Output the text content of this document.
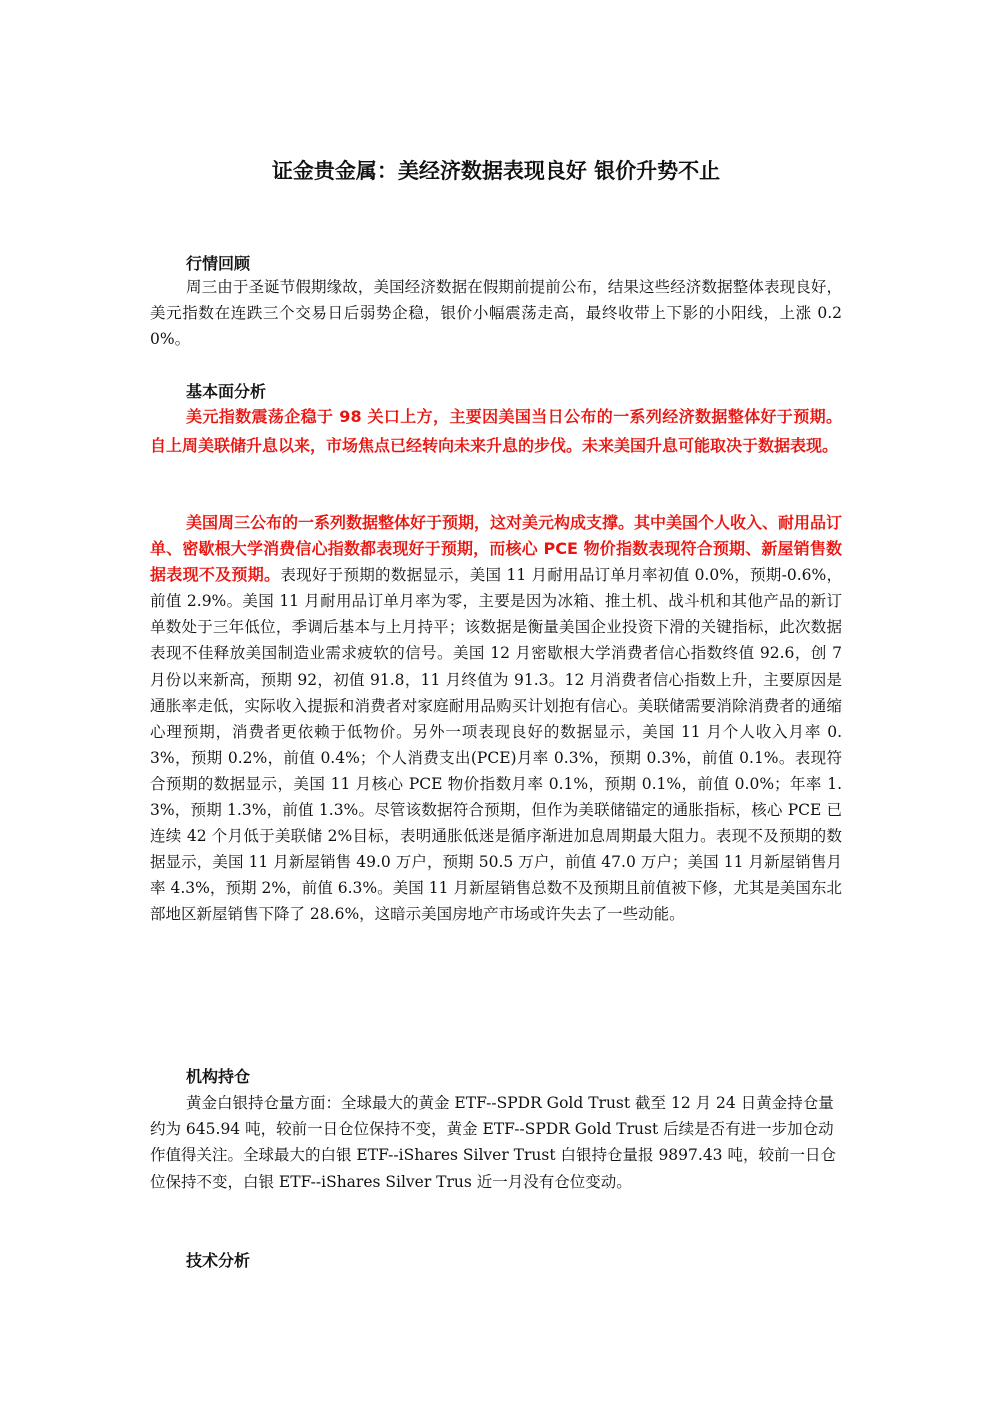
证金贵金属：美经济数据表现良好 银价升势不止
行情回顾

周三由于圣诞节假期缘故，美国经济数据在假期前提前公布，结果这些经济数据整体表现良好，美元指数在连跌三个交易日后弱势企稳，银价小幅震荡走高，最终收带上下影的小阳线，上涨 0.20%。

基本面分析

美元指数震荡企稳于 98 关口上方，主要因美国当日公布的一系列经济数据整体好于预期。自上周美联储升息以来，市场焦点已经转向未来升息的步伐。未来美国升息可能取决于数据表现。

美国周三公布的一系列数据整体好于预期，这对美元构成支撑。其中美国个人收入、耐用品订单、密歇根大学消费信心指数都表现好于预期，而核心 PCE 物价指数表现符合预期、新屋销售数据表现不及预期。表现好于预期的数据显示，美国 11 月耐用品订单月率初值 0.0%，预期-0.6%，前值 2.9%。美国 11 月耐用品订单月率为零，主要是因为冰箱、推土机、战斗机和其他产品的新订单数处于三年低位，季调后基本与上月持平；该数据是衡量美国企业投资下滑的关键指标，此次数据表现不佳释放美国制造业需求疲软的信号。美国 12 月密歇根大学消费者信心指数终值 92.6，创 7 月份以来新高，预期 92，初值 91.8，11 月终值为 91.3。12 月消费者信心指数上升，主要原因是通胀率走低，实际收入提振和消费者对家庭耐用品购买计划抱有信心。美联储需要消除消费者的通缩心理预期，消费者更依赖于低物价。另外一项表现良好的数据显示，美国 11 月个人收入月率 0.3%，预期 0.2%，前值 0.4%；个人消费支出(PCE)月率 0.3%，预期 0.3%，前值 0.1%。表现符合预期的数据显示，美国 11 月核心 PCE 物价指数月率 0.1%，预期 0.1%，前值 0.0%；年率 1.3%，预期 1.3%，前值 1.3%。尽管该数据符合预期，但作为美联储锚定的通胀指标，核心 PCE 已连续 42 个月低于美联储 2%目标，表明通胀低迷是循序渐进加息周期最大阻力。表现不及预期的数据显示，美国 11 月新屋销售 49.0 万户，预期 50.5 万户，前值 47.0 万户；美国 11 月新屋销售月率 4.3%，预期 2%，前值 6.3%。美国 11 月新屋销售总数不及预期且前值被下修，尤其是美国东北部地区新屋销售下降了 28.6%，这暗示美国房地产市场或许失去了一些动能。

机构持仓

黄金白银持仓量方面：全球最大的黄金 ETF--SPDR Gold Trust 截至 12 月 24 日黄金持仓量约为 645.94 吨，较前一日仓位保持不变，黄金 ETF--SPDR Gold Trust 后续是否有进一步加仓动作值得关注。全球最大的白银 ETF--iShares Silver Trust 白银持仓量报 9897.43 吨，较前一日仓位保持不变，白银 ETF--iShares Silver Trus 近一月没有仓位变动。

技术分析
